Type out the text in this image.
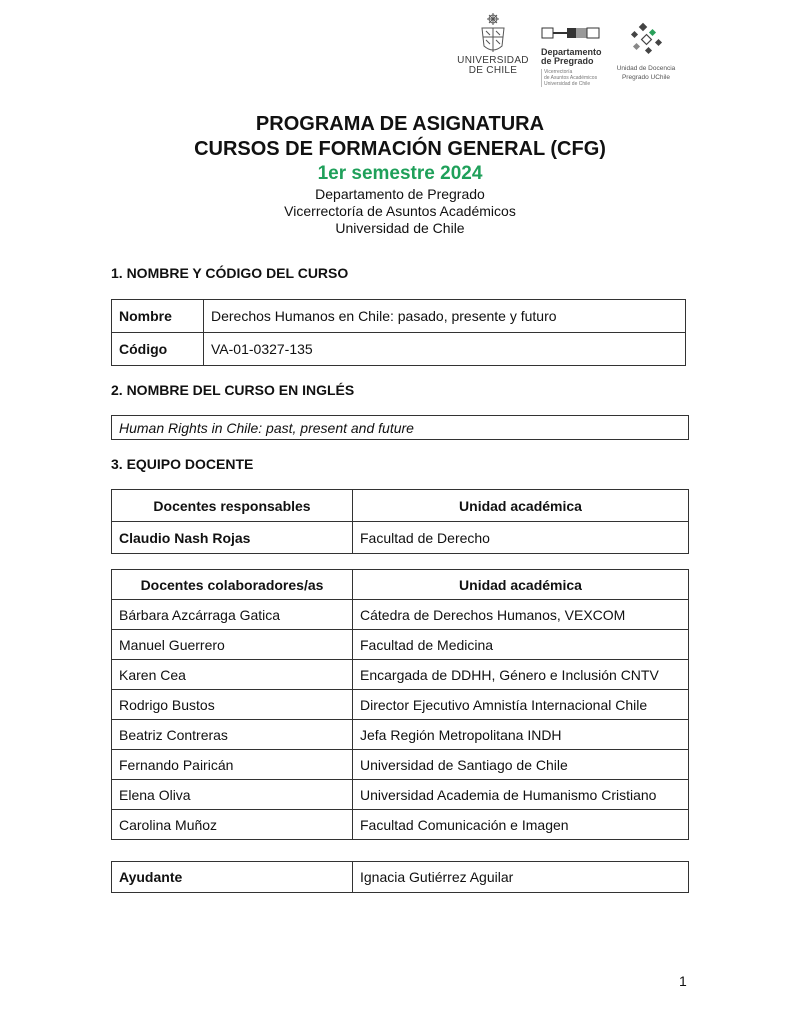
UNIVERSIDAD
DE CHILE
Departamento
de Pregrado
Vicerrectoría
de Asuntos Académicos
Universidad de Chile
Unidad de Docencia
Pregrado UChile
PROGRAMA DE ASIGNATURA
CURSOS DE FORMACIÓN GENERAL (CFG)
1er semestre 2024
Departamento de Pregrado
Vicerrectoría de Asuntos Académicos
Universidad de Chile
1. NOMBRE Y CÓDIGO DEL CURSO
Nombre	Derechos Humanos en Chile: pasado, presente y futuro
Código	VA-01-0327-135
2. NOMBRE DEL CURSO EN INGLÉS
Human Rights in Chile: past, present and future
3. EQUIPO DOCENTE
Docentes responsables	Unidad académica
Claudio Nash Rojas	Facultad de Derecho
Docentes colaboradores/as	Unidad académica
Bárbara Azcárraga Gatica	Cátedra de Derechos Humanos, VEXCOM
Manuel Guerrero	Facultad de Medicina
Karen Cea	Encargada de DDHH, Género e Inclusión CNTV
Rodrigo Bustos	Director Ejecutivo Amnistía Internacional Chile
Beatriz Contreras	Jefa Región Metropolitana INDH
Fernando Pairicán	Universidad de Santiago de Chile
Elena Oliva	Universidad Academia de Humanismo Cristiano
Carolina Muñoz	Facultad Comunicación e Imagen
Ayudante	Ignacia Gutiérrez Aguilar
1
